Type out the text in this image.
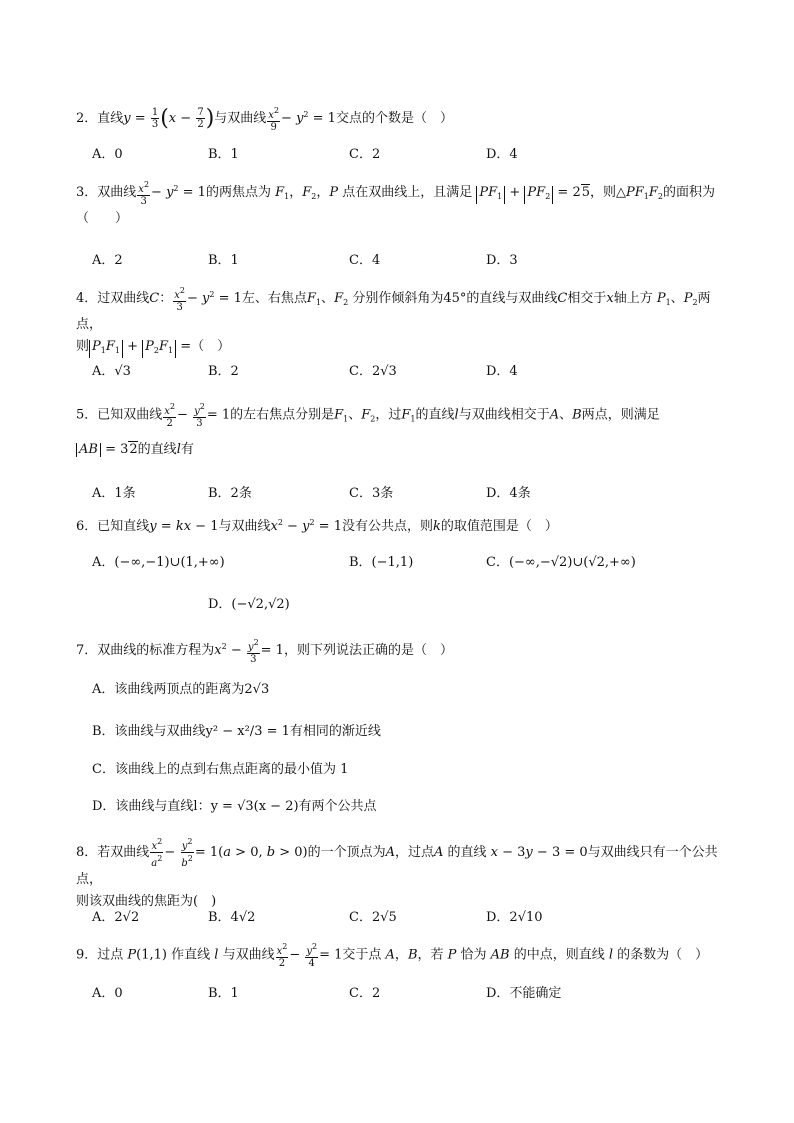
2．直线$y = \frac{1}{3} (x - \frac{7}{2}$ )与双曲线 $\frac{x^2}{9} - y^2 = 1$交点的个数是（　）
A．0	B．1	C．2	D．4
3．双曲线 $\frac{x^2}{3} - y^2 = 1$的两焦点为 $F_1$，$F_2$，P 点在双曲线上，且满足 $PF_1 + PF_2 = 25$，则$\triangle PF_1F_2$的面积为
（　　）
A．2	B．1	C．4	D．3
4．过双曲线C： $\frac{x^2}{3} - y^2 = 1$左、右焦点$F_1$、$F_2$ 分别作倾斜角为45°的直线与双曲线C相交于x轴上方 $P_1$、$P_2$两点，
则 $P_1F_1 + P_2F_1$ =（　）
A．√3	B．2	C．2√3	D．4
5．已知双曲线 $\frac{x^2}{2} - \frac{y^2}{3} = 1$的左右焦点分别是$F_1$、$F_2$，过$F_1$的直线l与双曲线相交于A、B两点，则满足
AB = 32的直线l有
A．1条	B．2条	C．3条	D．4条
6．已知直线y = kx − 1与双曲线$x^2 - y^2 = 1$没有公共点，则k的取值范围是（　）
A．(−∞,−1)∪(1,+∞)	B．(−1,1)	C．(−∞,−√2)∪(√2,+∞)
D．(−√2,√2)
7．双曲线的标准方程为$x^2 - \frac{y^2}{3} = 1$，则下列说法正确的是（　）
A．该曲线两顶点的距离为2√3
B．该曲线与双曲线y² − x²/3 = 1有相同的渐近线
C．该曲线上的点到右焦点距离的最小值为 1
D．该曲线与直线l：y = √3(x − 2)有两个公共点
8．若双曲线 $\frac{x^2}{a^2} - \frac{y^2}{b^2} = 1(a > 0$, b > 0)的一个顶点为A，过点A 的直线 x − 3y − 3 = 0与双曲线只有一个公共点，
则该双曲线的焦距为(　)
A．2√2	B．4√2	C．2√5	D．2√10
9．过点 P(1,1) 作直线 l 与双曲线 $\frac{x^2}{2} - \frac{y^2}{4} = 1$交于点 A，B，若 P 恰为 AB 的中点，则直线 l 的条数为（　）
A．0	B．1	C．2	D．不能确定
